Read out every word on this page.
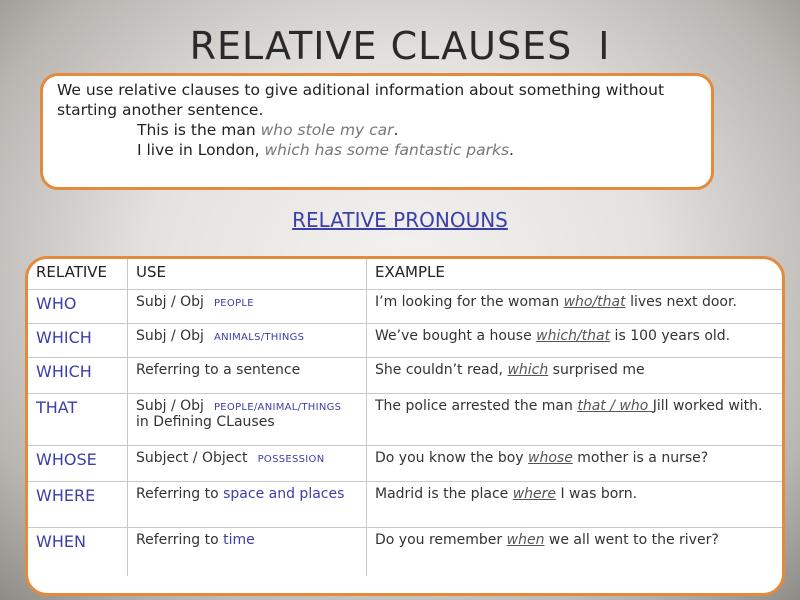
RELATIVE CLAUSES I
We use relative clauses to give aditional information about something without
starting another sentence.
This is the man who stole my car.
I live in London, which has some fantastic parks.
RELATIVE PRONOUNS
RELATIVE	USE	EXAMPLE
WHO	Subj / Obj PEOPLE	I’m looking for the woman who/that lives next door.
WHICH	Subj / Obj ANIMALS/THINGS	We’ve bought a house which/that is 100 years old.
WHICH	Referring to a sentence	She couldn’t read, which surprised me
THAT	Subj / Obj PEOPLE/ANIMAL/THINGS in Defining CLauses	The police arrested the man that / who Jill worked with.
WHOSE	Subject / Object POSSESSION	Do you know the boy whose mother is a nurse?
WHERE	Referring to space and places	Madrid is the place where I was born.
WHEN	Referring to time	Do you remember when we all went to the river?
